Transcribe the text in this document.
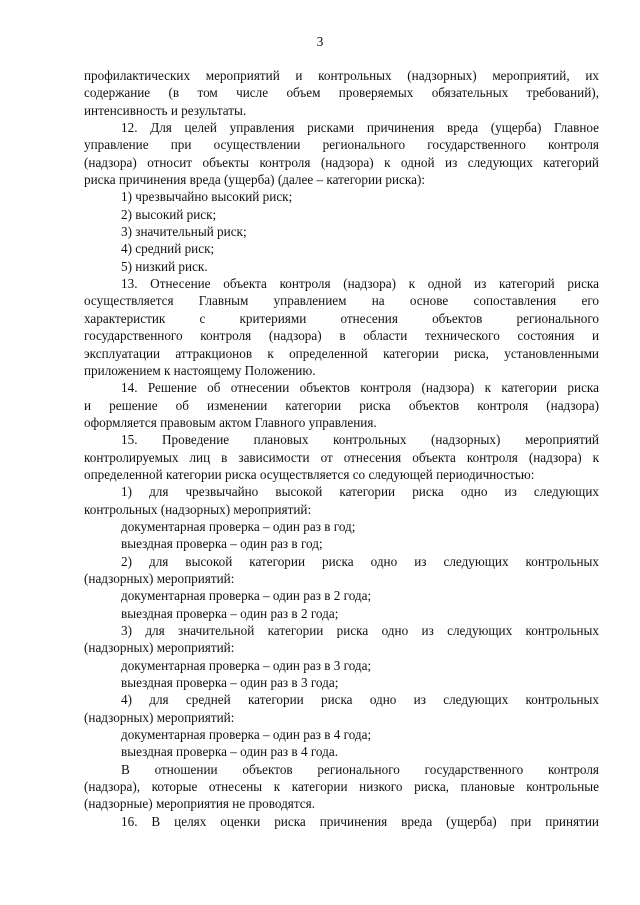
3
профилактических мероприятий и контрольных (надзорных) мероприятий, их
содержание (в том числе объем проверяемых обязательных требований),
интенсивность и результаты.
12. Для целей управления рисками причинения вреда (ущерба) Главное
управление при осуществлении регионального государственного контроля
(надзора) относит объекты контроля (надзора) к одной из следующих категорий
риска причинения вреда (ущерба) (далее – категории риска):
1) чрезвычайно высокий риск;
2) высокий риск;
3) значительный риск;
4) средний риск;
5) низкий риск.
13. Отнесение объекта контроля (надзора) к одной из категорий риска
осуществляется Главным управлением на основе сопоставления его
характеристик с критериями отнесения объектов регионального
государственного контроля (надзора) в области технического состояния и
эксплуатации аттракционов к определенной категории риска, установленными
приложением к настоящему Положению.
14. Решение об отнесении объектов контроля (надзора) к категории риска
и решение об изменении категории риска объектов контроля (надзора)
оформляется правовым актом Главного управления.
15. Проведение плановых контрольных (надзорных) мероприятий
контролируемых лиц в зависимости от отнесения объекта контроля (надзора) к
определенной категории риска осуществляется со следующей периодичностью:
1) для чрезвычайно высокой категории риска одно из следующих
контрольных (надзорных) мероприятий:
документарная проверка – один раз в год;
выездная проверка – один раз в год;
2) для высокой категории риска одно из следующих контрольных
(надзорных) мероприятий:
документарная проверка – один раз в 2 года;
выездная проверка – один раз в 2 года;
3) для значительной категории риска одно из следующих контрольных
(надзорных) мероприятий:
документарная проверка – один раз в 3 года;
выездная проверка – один раз в 3 года;
4) для средней категории риска одно из следующих контрольных
(надзорных) мероприятий:
документарная проверка – один раз в 4 года;
выездная проверка – один раз в 4 года.
В отношении объектов регионального государственного контроля
(надзора), которые отнесены к категории низкого риска, плановые контрольные
(надзорные) мероприятия не проводятся.
16. В целях оценки риска причинения вреда (ущерба) при принятии
